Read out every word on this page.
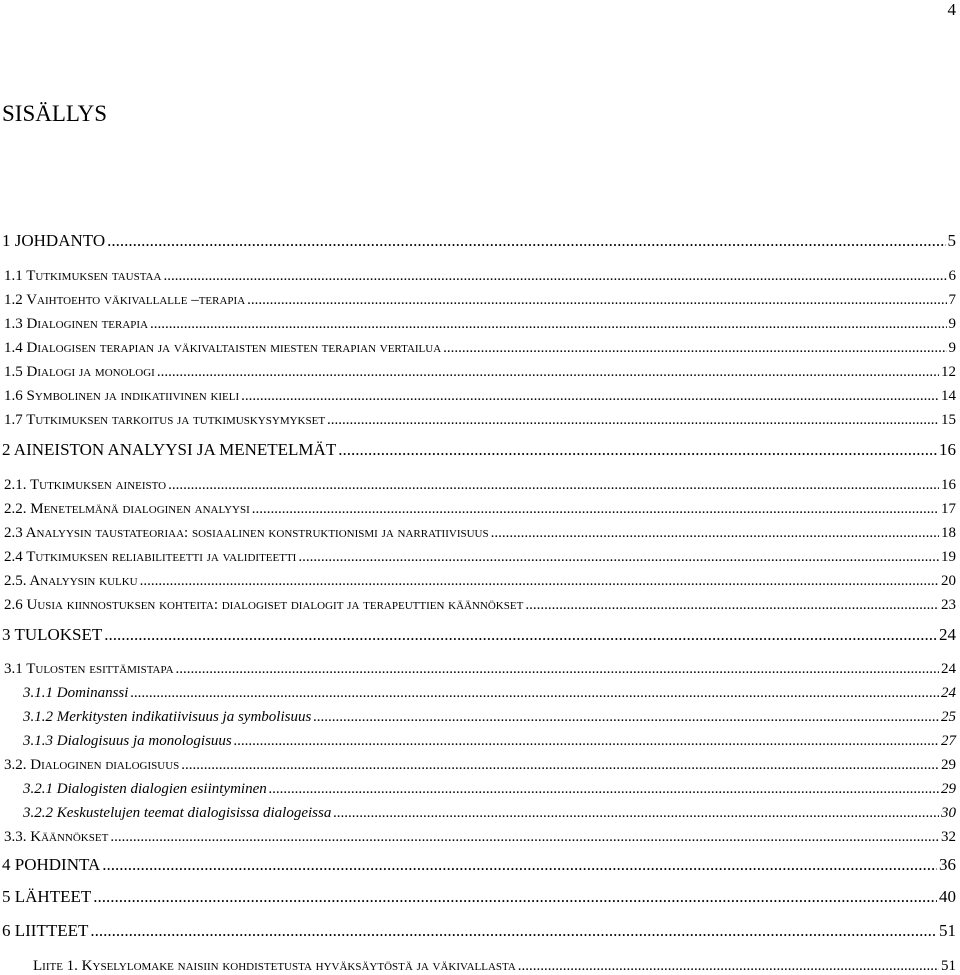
4
SISÄLLYS
1 JOHDANTO .....	5
1.1 Tutkimuksen taustaa .....	6
1.2 Vaihtoehto väkivallalle –terapia .....	7
1.3 Dialoginen terapia .....	9
1.4 Dialogisen terapian ja väkivaltaisten miesten terapian vertailua .....	9
1.5 Dialogi ja monologi .....	12
1.6 Symbolinen ja indikatiivinen kieli .....	14
1.7 Tutkimuksen tarkoitus ja tutkimuskysymykset .....	15
2 AINEISTON ANALYYSI JA MENETELMÄT .....	16
2.1. Tutkimuksen aineisto .....	16
2.2. Menetelmänä dialoginen analyysi .....	17
2.3 Analyysin taustateoriaa: sosiaalinen konstruktionismi ja narratiivisuus .....	18
2.4 Tutkimuksen reliabiliteetti ja validiteetti .....	19
2.5. Analyysin kulku .....	20
2.6 Uusia kiinnostuksen kohteita: dialogiset dialogit ja terapeuttien käännökset .....	23
3 TULOKSET .....	24
3.1 Tulosten esittämistapa .....	24
3.1.1 Dominanssi .....	24
3.1.2 Merkitysten indikatiivisuus ja symbolisuus .....	25
3.1.3 Dialogisuus ja monologisuus .....	27
3.2. Dialoginen dialogisuus .....	29
3.2.1 Dialogisten dialogien esiintyminen .....	29
3.2.2 Keskustelujen teemat dialogisissa dialogeissa .....	30
3.3. Käännökset .....	32
4 POHDINTA .....	36
5 LÄHTEET .....	40
6 LIITTEET .....	51
Liite 1. Kyselylomake naisiin kohdistetusta hyväksäytöstä ja väkivallasta .....	51
